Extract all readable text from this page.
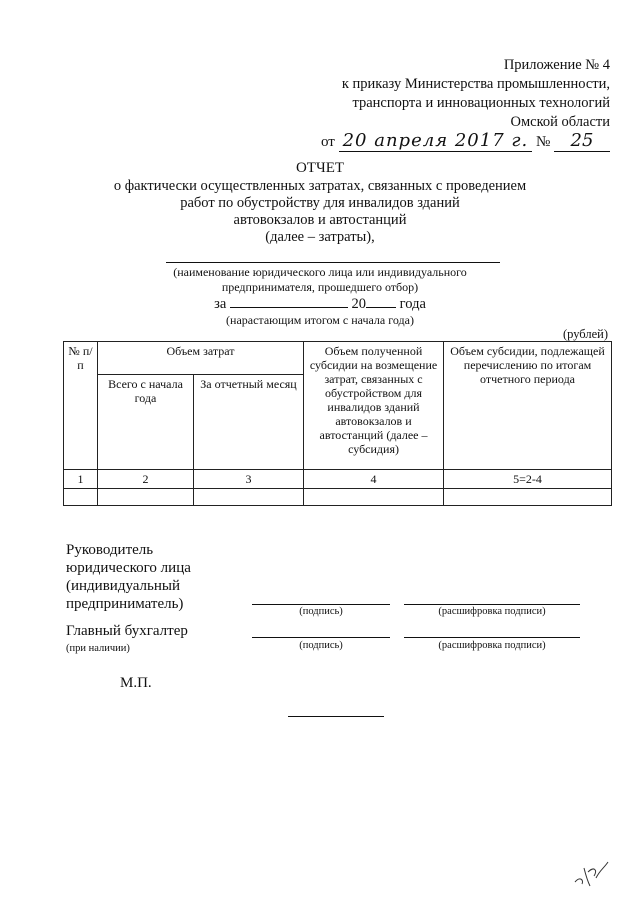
Приложение № 4
к приказу Министерства промышленности,
транспорта и инновационных технологий
Омской области
от 20 апреля 2017 г. № 25
ОТЧЕТ
о фактически осуществленных затратах, связанных с проведением
работ по обустройству для инвалидов зданий
автовокзалов и автостанций
(далее – затраты),
(наименование юридического лица или индивидуального
предпринимателя, прошедшего отбор)
за	20 года
(нарастающим итогом с начала года)
(рублей)
№ п/п	Объем затрат		Объем полученной субсидии на возмещение затрат, связанных с обустройством для инвалидов зданий автовокзалов и автостанций (далее – субсидия)	Объем субсидии, подлежащей перечислению по итогам отчетного периода
	Всего с начала года	За отчетный месяц		
1	2	3	4	5=2-4

Руководитель
юридического лица
(индивидуальный
предприниматель)	(подпись)	(расшифровка подписи)
Главный бухгалтер
(при наличии)	(подпись)	(расшифровка подписи)
М.П.
